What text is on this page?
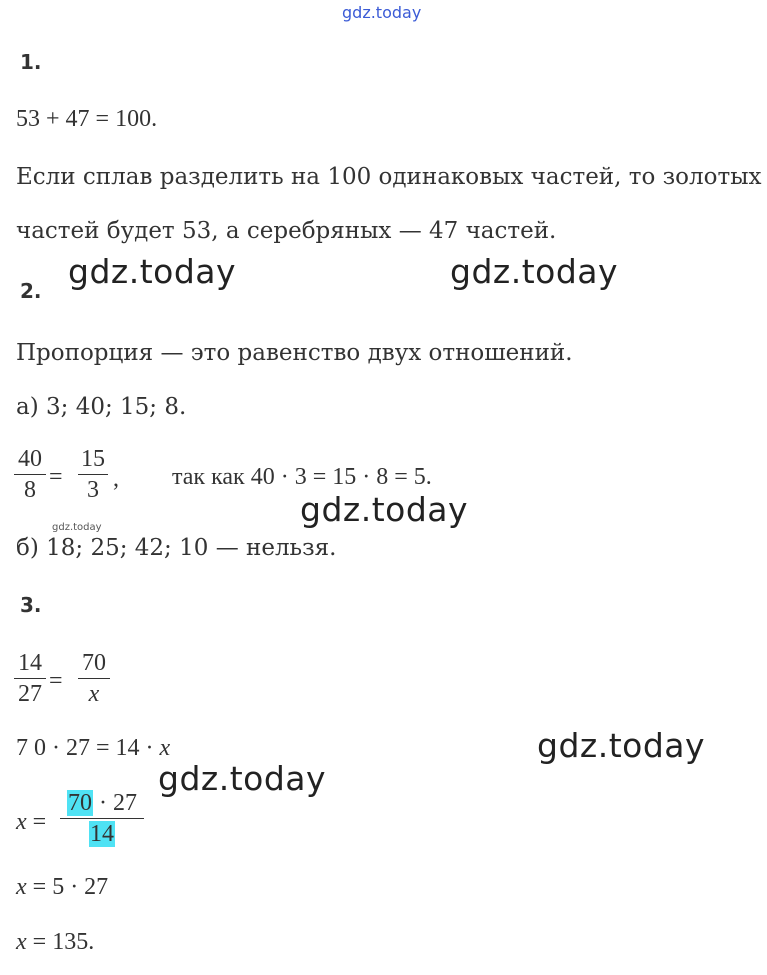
gdz.today
1.
53 + 47 = 100.
Если сплав разделить на 100 одинаковых частей, то золотых
частей будет 53, а серебряных — 47 частей.
gdz.today	gdz.today
2.
Пропорция — это равенство двух отношений.
а) 3; 40; 15; 8.
40
8
=
15
3 , так как 40 · 3 = 15 · 8 = 5.
gdz.today
gdz.today
б) 18; 25; 42; 10 — нельзя.
3.
14
27
=
70
x
7 0 · 27 = 14 · x	gdz.today
gdz.today
x =
70 · 27
14
x = 5 · 27
x = 135.
